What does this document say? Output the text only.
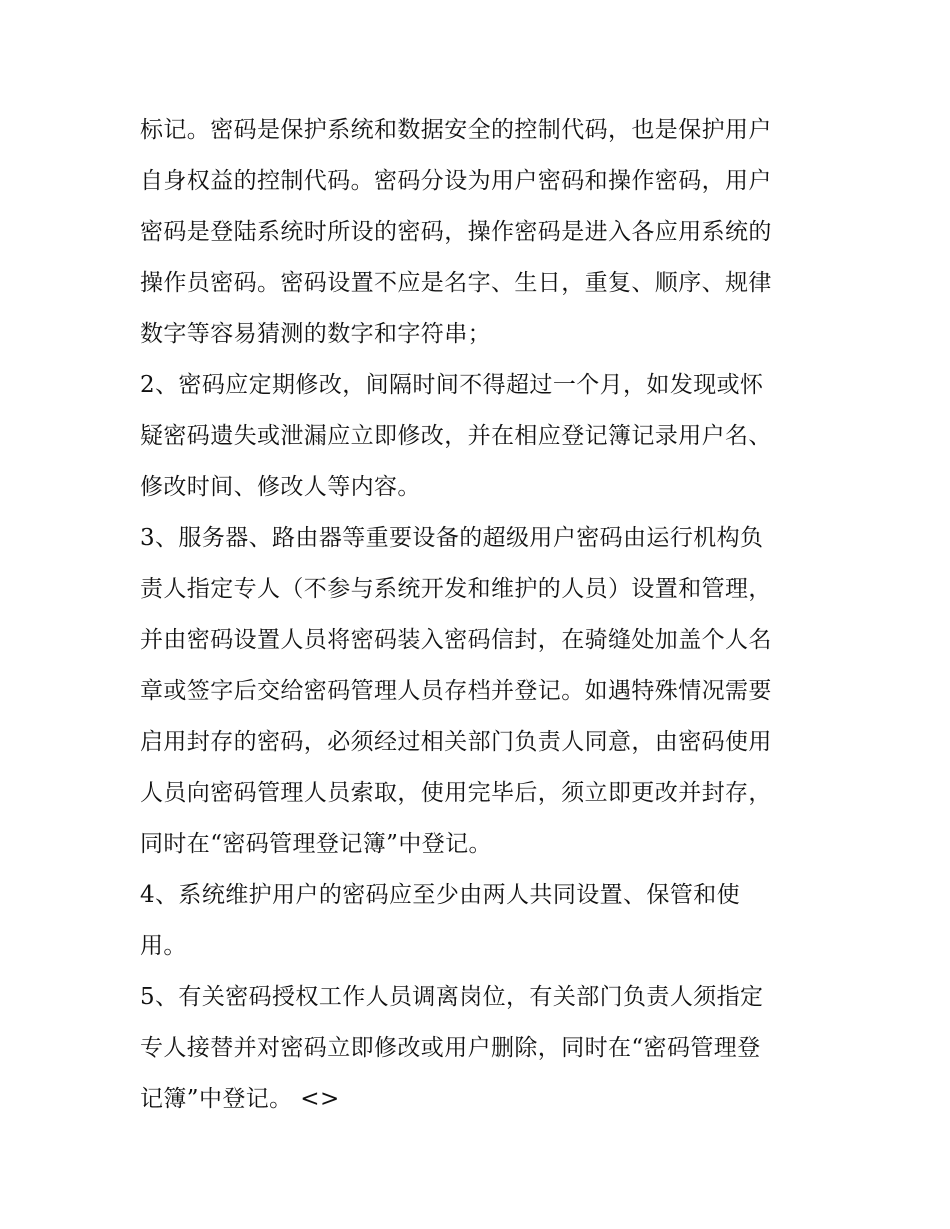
标记。密码是保护系统和数据安全的控制代码，也是保护用户
自身权益的控制代码。密码分设为用户密码和操作密码，用户
密码是登陆系统时所设的密码，操作密码是进入各应用系统的
操作员密码。密码设置不应是名字、生日，重复、顺序、规律
数字等容易猜测的数字和字符串；
2、密码应定期修改，间隔时间不得超过一个月，如发现或怀
疑密码遗失或泄漏应立即修改，并在相应登记簿记录用户名、
修改时间、修改人等内容。
3、服务器、路由器等重要设备的超级用户密码由运行机构负
责人指定专人（不参与系统开发和维护的人员）设置和管理，
并由密码设置人员将密码装入密码信封，在骑缝处加盖个人名
章或签字后交给密码管理人员存档并登记。如遇特殊情况需要
启用封存的密码，必须经过相关部门负责人同意，由密码使用
人员向密码管理人员索取，使用完毕后，须立即更改并封存，
同时在“密码管理登记簿”中登记。
4、系统维护用户的密码应至少由两人共同设置、保管和使
用。
5、有关密码授权工作人员调离岗位，有关部门负责人须指定
专人接替并对密码立即修改或用户删除，同时在“密码管理登
记簿”中登记。 <>
